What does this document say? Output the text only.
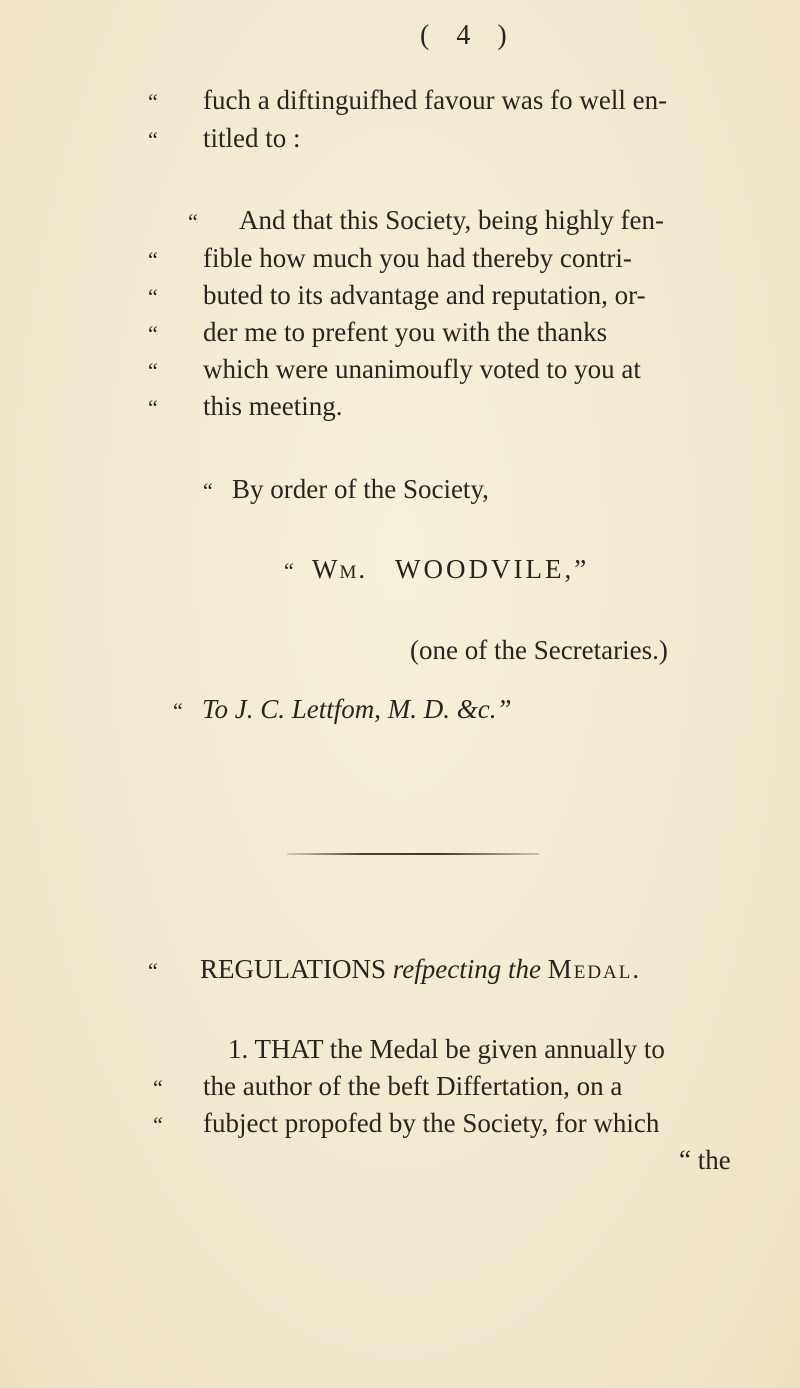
( 4 )
“ fuch a diftinguifhed favour was fo well en-
“ titled to :
“ And that this Society, being highly fen-
“ fible how much you had thereby contri-
“ buted to its advantage and reputation, or-
“ der me to prefent you with the thanks
“ which were unanimoufly voted to you at
“ this meeting.
“ By order of the Society,
“ Wm. WOODVILE,”
(one of the Secretaries.)
“ To J. C. Lettfom, M. D. &c.”
“ REGULATIONS refpecting the Medal.
1. THAT the Medal be given annually to
“ the author of the beft Differtation, on a
“ fubject propofed by the Society, for which
“ the
